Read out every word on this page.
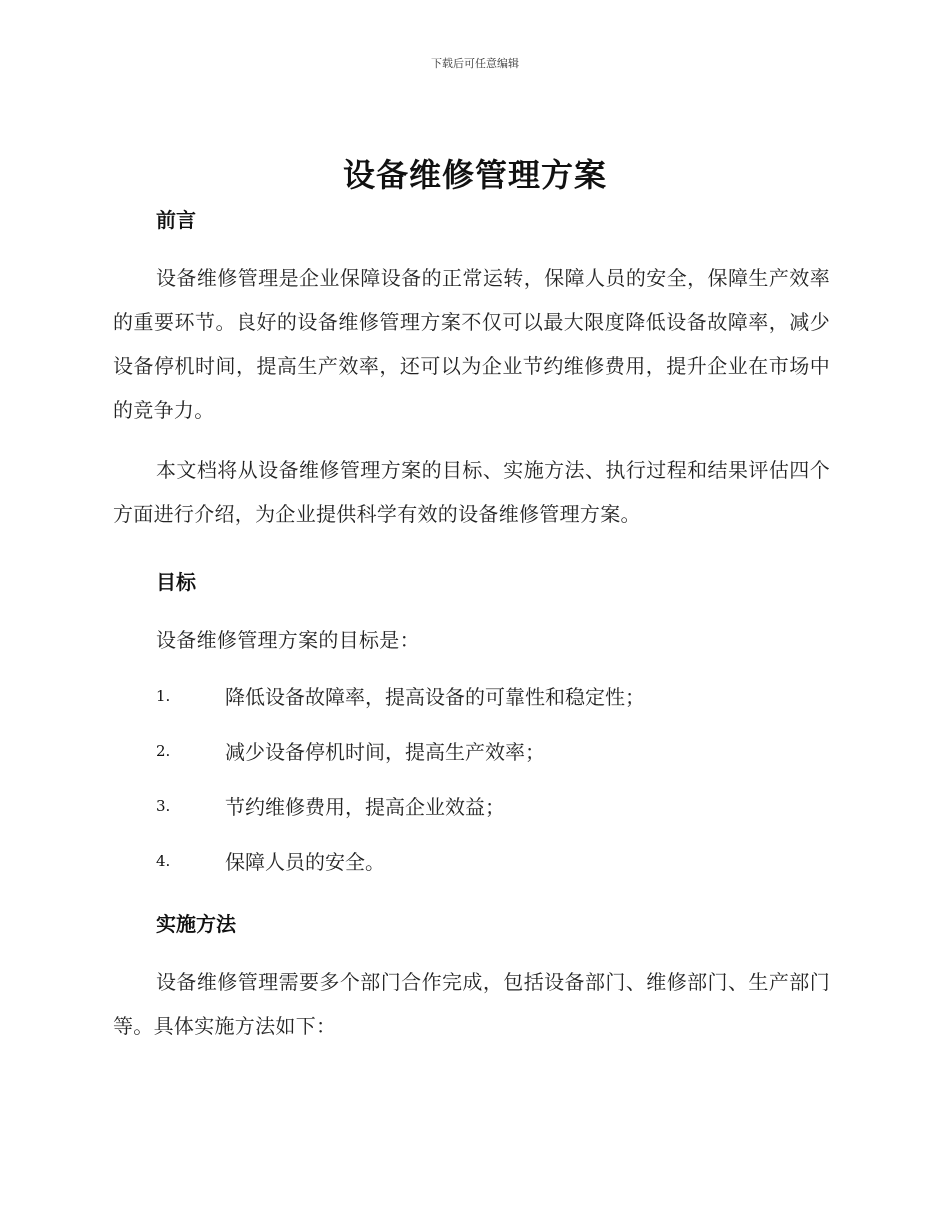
下载后可任意编辑
设备维修管理方案
前言

设备维修管理是企业保障设备的正常运转，保障人员的安全，保障生产效率的重要环节。良好的设备维修管理方案不仅可以最大限度降低设备故障率，减少设备停机时间，提高生产效率，还可以为企业节约维修费用，提升企业在市场中的竞争力。

本文档将从设备维修管理方案的目标、实施方法、执行过程和结果评估四个方面进行介绍，为企业提供科学有效的设备维修管理方案。

目标

设备维修管理方案的目标是：

1.	降低设备故障率，提高设备的可靠性和稳定性；
2.	减少设备停机时间，提高生产效率；
3.	节约维修费用，提高企业效益；
4.	保障人员的安全。
实施方法

设备维修管理需要多个部门合作完成，包括设备部门、维修部门、生产部门等。具体实施方法如下：
